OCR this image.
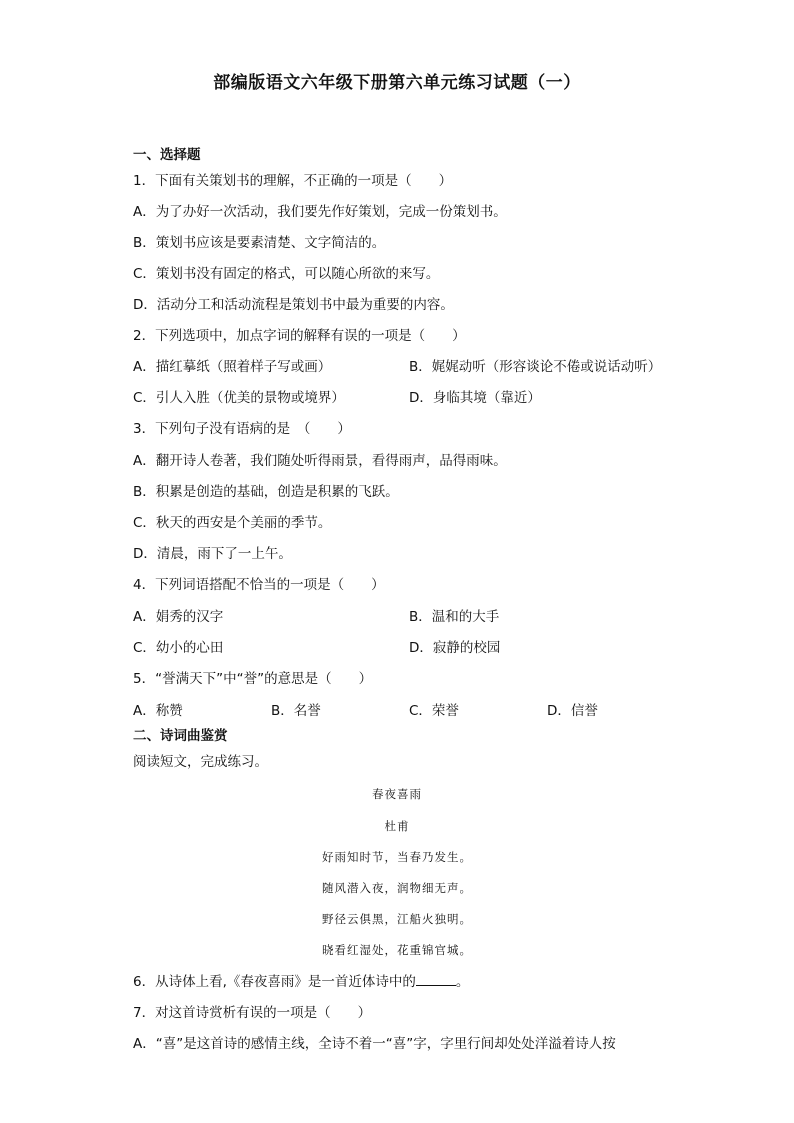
部编版语文六年级下册第六单元练习试题（一）
一、选择题
1．下面有关策划书的理解，不正确的一项是（　　）
A．为了办好一次活动，我们要先作好策划，完成一份策划书。
B．策划书应该是要素清楚、文字简洁的。
C．策划书没有固定的格式，可以随心所欲的来写。
D．活动分工和活动流程是策划书中最为重要的内容。
2．下列选项中，加点字词的解释有误的一项是（　　）
A．描红摹纸（照着样子写或画）	B．娓娓动听（形容谈论不倦或说话动听）
C．引人入胜（优美的景物或境界）	D．身临其境（靠近）
3．下列句子没有语病的是　（　　）
A．翻开诗人卷著，我们随处听得雨景，看得雨声，品得雨味。
B．积累是创造的基础，创造是积累的飞跃。
C．秋天的西安是个美丽的季节。
D．清晨，雨下了一上午。
4．下列词语搭配不恰当的一项是（　　）
A．娟秀的汉字	B．温和的大手
C．幼小的心田	D．寂静的校园
5．“誉满天下”中“誉”的意思是（　　）
A．称赞	B．名誉	C．荣誉	D．信誉
二、诗词曲鉴赏
阅读短文，完成练习。
春夜喜雨
杜甫
好雨知时节，当春乃发生。
随风潜入夜，润物细无声。
野径云俱黑，江船火独明。
晓看红湿处，花重锦官城。
6．从诗体上看,《春夜喜雨》是一首近体诗中的	。
7．对这首诗赏析有误的一项是（　　）
A．“喜”是这首诗的感情主线，全诗不着一“喜”字，字里行间却处处洋溢着诗人按
